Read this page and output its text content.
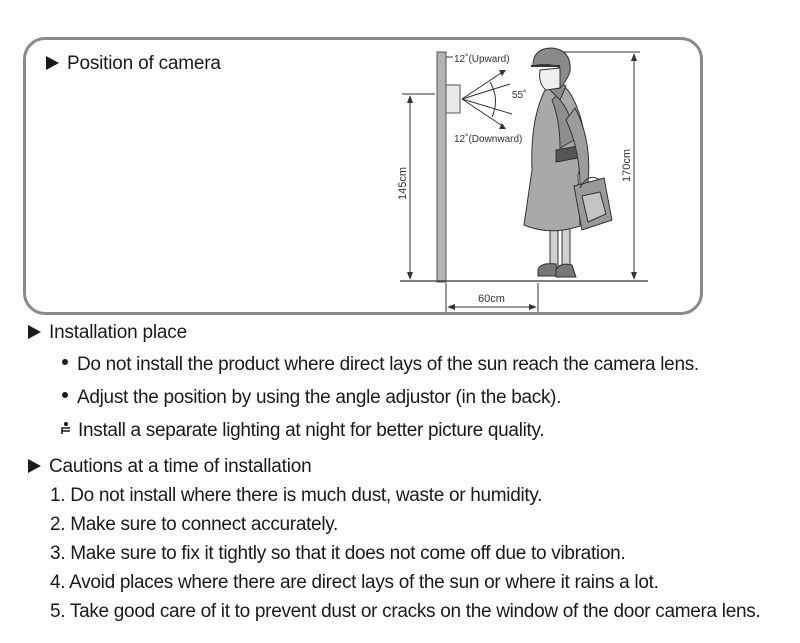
Position of camera	12˚(Upward)
55˚
12˚(Downward)
145cm
170cm
60cm
Installation place
Do not install the product where direct lays of the sun reach the camera lens.
Adjust the position by using the angle adjustor (in the back).
Install a separate lighting at night for better picture quality.
Cautions at a time of installation
1. Do not install where there is much dust, waste or humidity.
2. Make sure to connect accurately.
3. Make sure to fix it tightly so that it does not come off due to vibration.
4. Avoid places where there are direct lays of the sun or where it rains a lot.
5. Take good care of it to prevent dust or cracks on the window of the door camera lens.
